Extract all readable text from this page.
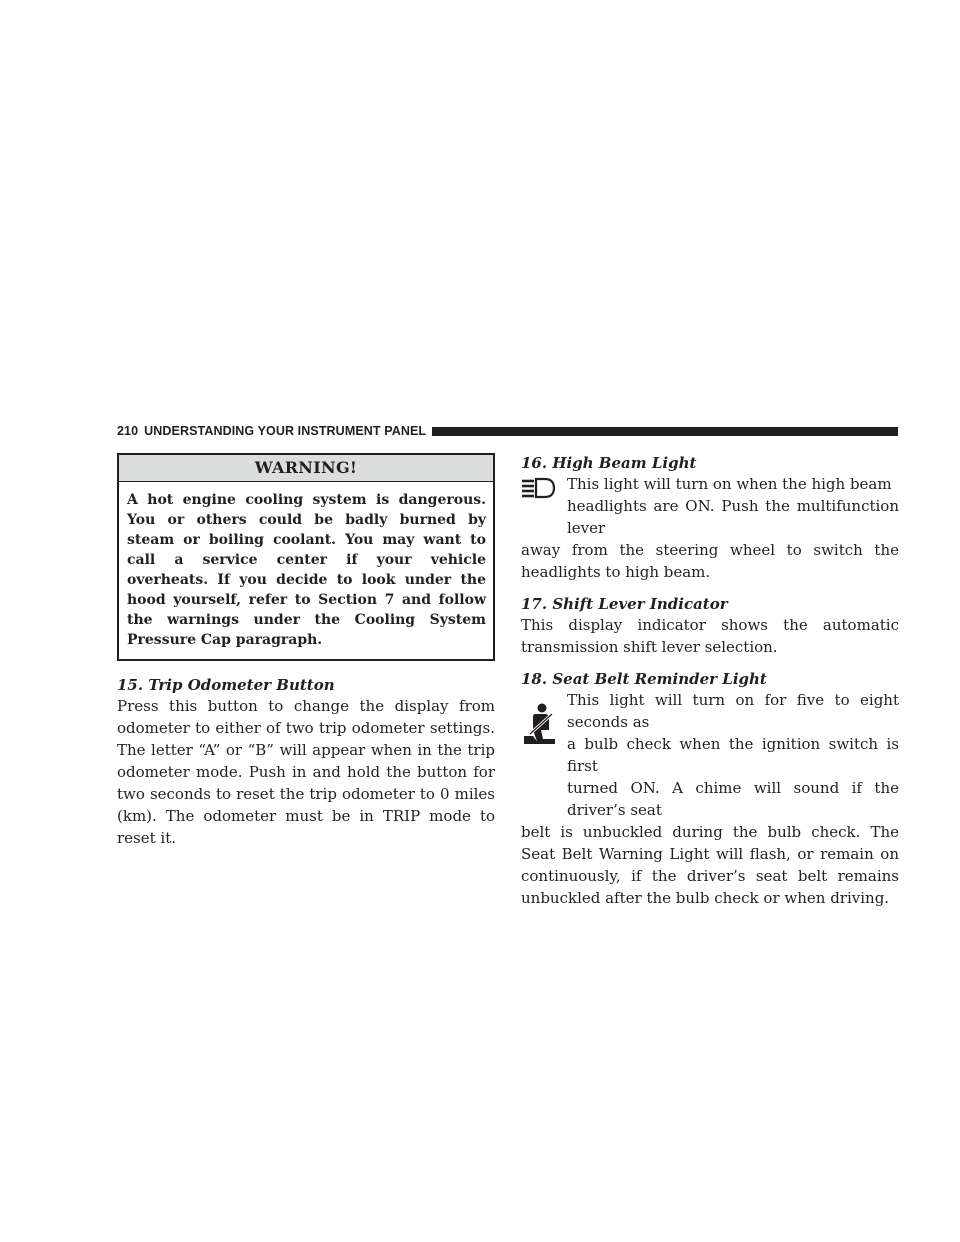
210 UNDERSTANDING YOUR INSTRUMENT PANEL
WARNING!
A hot engine cooling system is dangerous. You or others could be badly burned by steam or boiling coolant. You may want to call a service center if your vehicle overheats. If you decide to look under the hood yourself, refer to Section 7 and follow the warnings under the Cooling System Pressure Cap paragraph.
15. Trip Odometer Button

Press this button to change the display from odometer to either of two trip odometer settings. The letter “A” or “B” will appear when in the trip odometer mode. Push in and hold the button for two seconds to reset the trip odometer to 0 miles (km). The odometer must be in TRIP mode to reset it.

16. High Beam Light
This light will turn on when the high beam
headlights are ON. Push the multifunction lever

away from the steering wheel to switch the headlights to high beam.

17. Shift Lever Indicator

This display indicator shows the automatic transmission shift lever selection.

18. Seat Belt Reminder Light
This light will turn on for five to eight seconds as
a bulb check when the ignition switch is first
turned ON. A chime will sound if the driver’s seat

belt is unbuckled during the bulb check. The Seat Belt Warning Light will flash, or remain on continuously, if the driver’s seat belt remains unbuckled after the bulb check or when driving.
